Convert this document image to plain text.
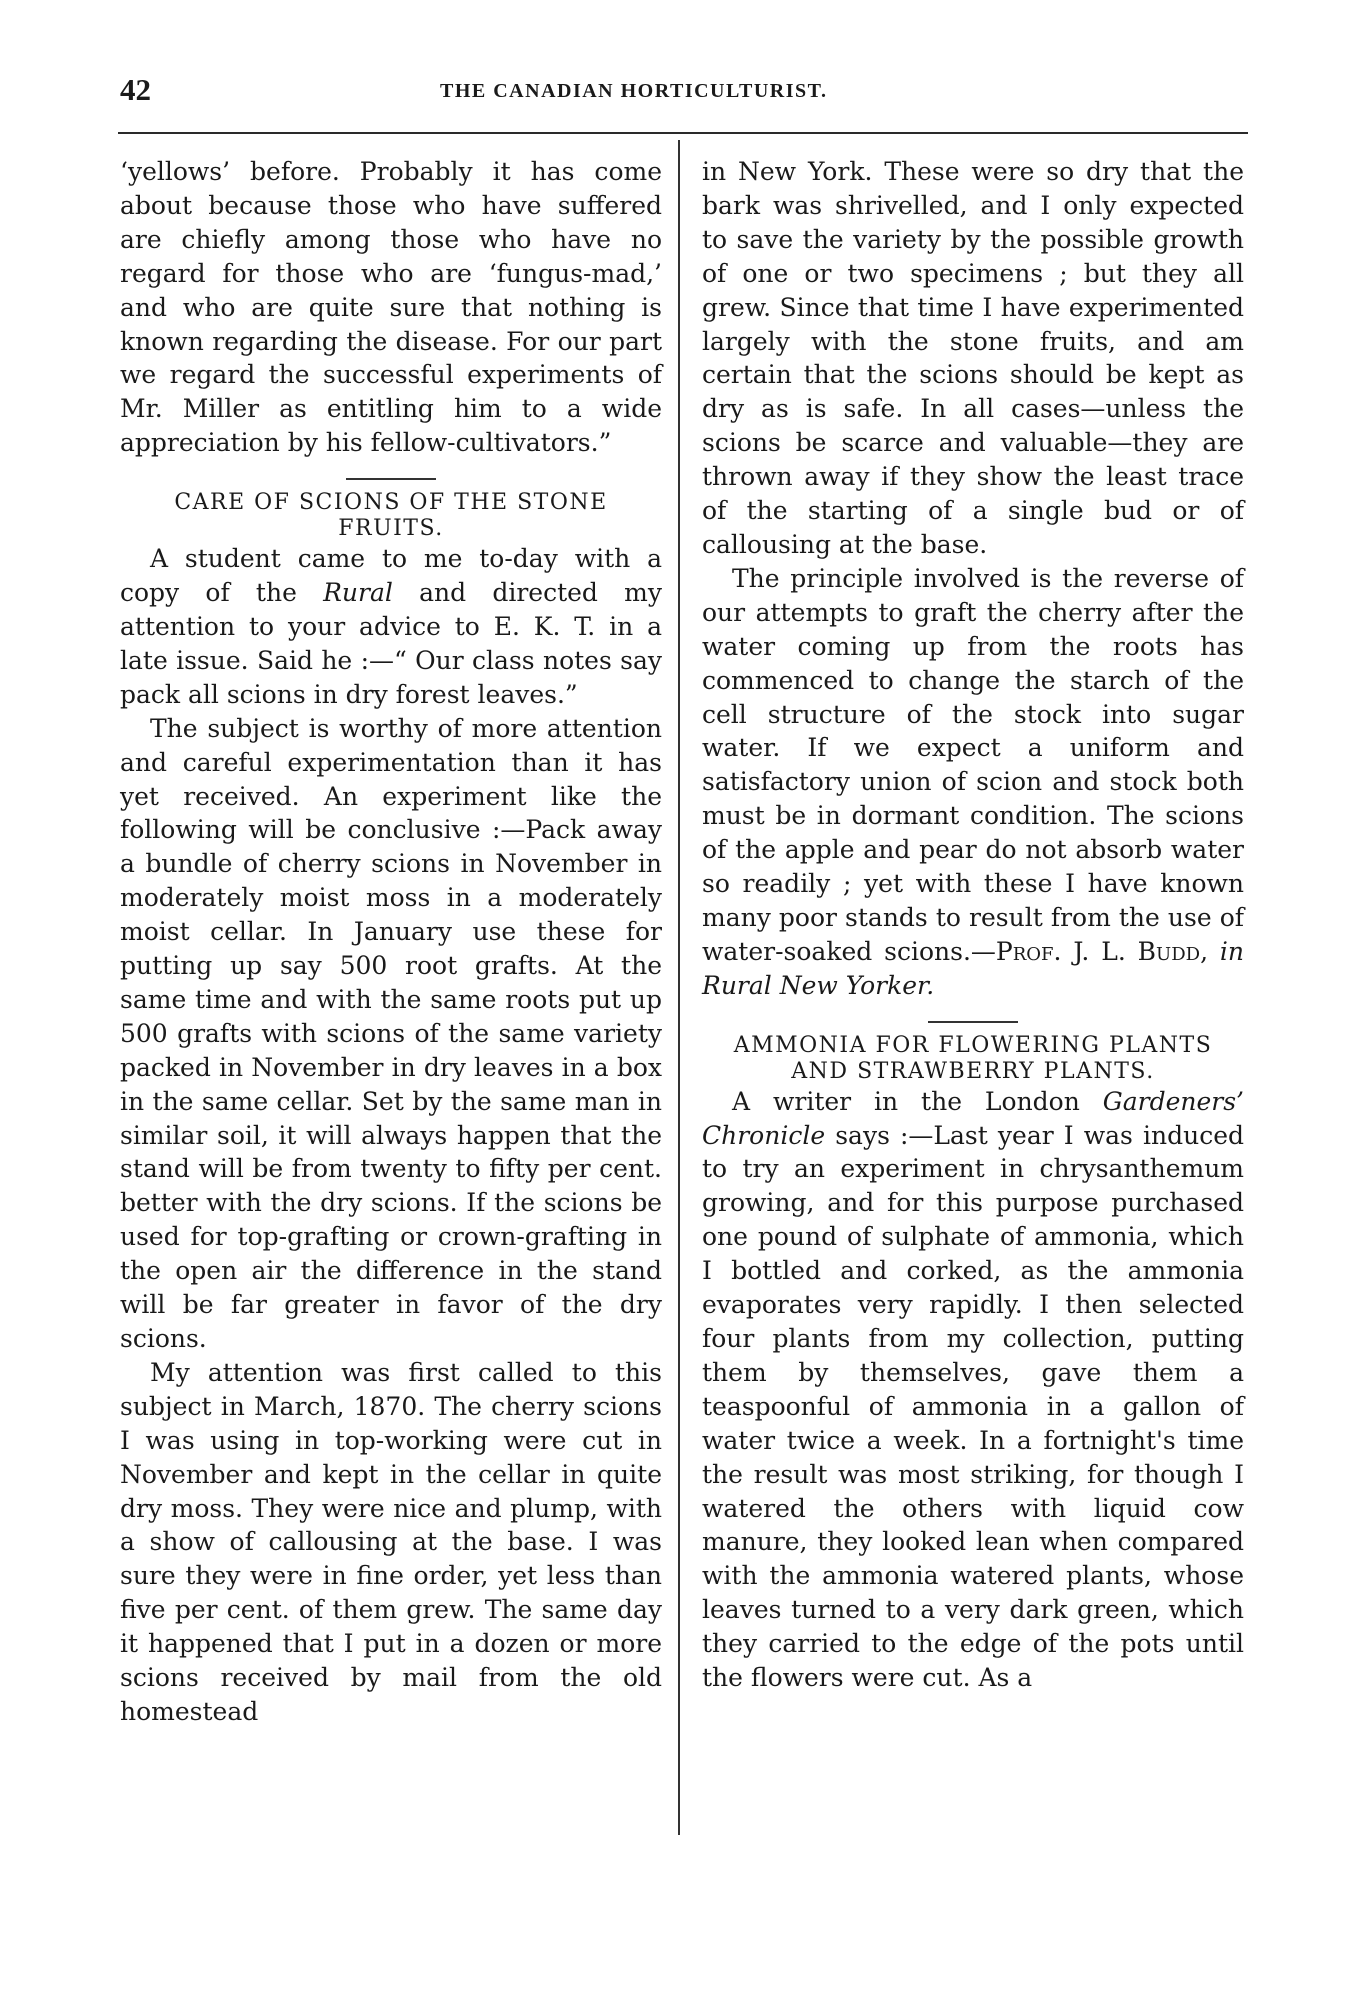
42	THE CANADIAN HORTICULTURIST.

‘yellows’ before. Probably it has come about because those who have suffered are chiefly among those who have no regard for those who are ‘fungus-mad,’ and who are quite sure that nothing is known regarding the disease. For our part we regard the successful experiments of Mr. Miller as entitling him to a wide appreciation by his fellow-cultivators.”

CARE OF SCIONS OF THE STONE FRUITS.

A student came to me to-day with a copy of the Rural and directed my attention to your advice to E. K. T. in a late issue. Said he :—“ Our class notes say pack all scions in dry forest leaves.”

The subject is worthy of more attention and careful experimentation than it has yet received. An experiment like the following will be conclusive :—Pack away a bundle of cherry scions in November in moderately moist moss in a moderately moist cellar. In January use these for putting up say 500 root grafts. At the same time and with the same roots put up 500 grafts with scions of the same variety packed in November in dry leaves in a box in the same cellar. Set by the same man in similar soil, it will always happen that the stand will be from twenty to fifty per cent. better with the dry scions. If the scions be used for top-grafting or crown-grafting in the open air the difference in the stand will be far greater in favor of the dry scions.

My attention was first called to this subject in March, 1870. The cherry scions I was using in top-working were cut in November and kept in the cellar in quite dry moss. They were nice and plump, with a show of callousing at the base. I was sure they were in fine order, yet less than five per cent. of them grew. The same day it happened that I put in a dozen or more scions received by mail from the old homestead

in New York. These were so dry that the bark was shrivelled, and I only expected to save the variety by the possible growth of one or two specimens ; but they all grew. Since that time I have experimented largely with the stone fruits, and am certain that the scions should be kept as dry as is safe. In all cases—unless the scions be scarce and valuable—they are thrown away if they show the least trace of the starting of a single bud or of callousing at the base.

The principle involved is the reverse of our attempts to graft the cherry after the water coming up from the roots has commenced to change the starch of the cell structure of the stock into sugar water. If we expect a uniform and satisfactory union of scion and stock both must be in dormant condition. The scions of the apple and pear do not absorb water so readily ; yet with these I have known many poor stands to result from the use of water-soaked scions.—Prof. J. L. Budd, in Rural New Yorker.

AMMONIA FOR FLOWERING PLANTS AND STRAWBERRY PLANTS.

A writer in the London Gardeners’ Chronicle says :—Last year I was induced to try an experiment in chrysanthemum growing, and for this purpose purchased one pound of sulphate of ammonia, which I bottled and corked, as the ammonia evaporates very rapidly. I then selected four plants from my collection, putting them by themselves, gave them a teaspoonful of ammonia in a gallon of water twice a week. In a fortnight's time the result was most striking, for though I watered the others with liquid cow manure, they looked lean when compared with the ammonia watered plants, whose leaves turned to a very dark green, which they carried to the edge of the pots until the flowers were cut. As a
